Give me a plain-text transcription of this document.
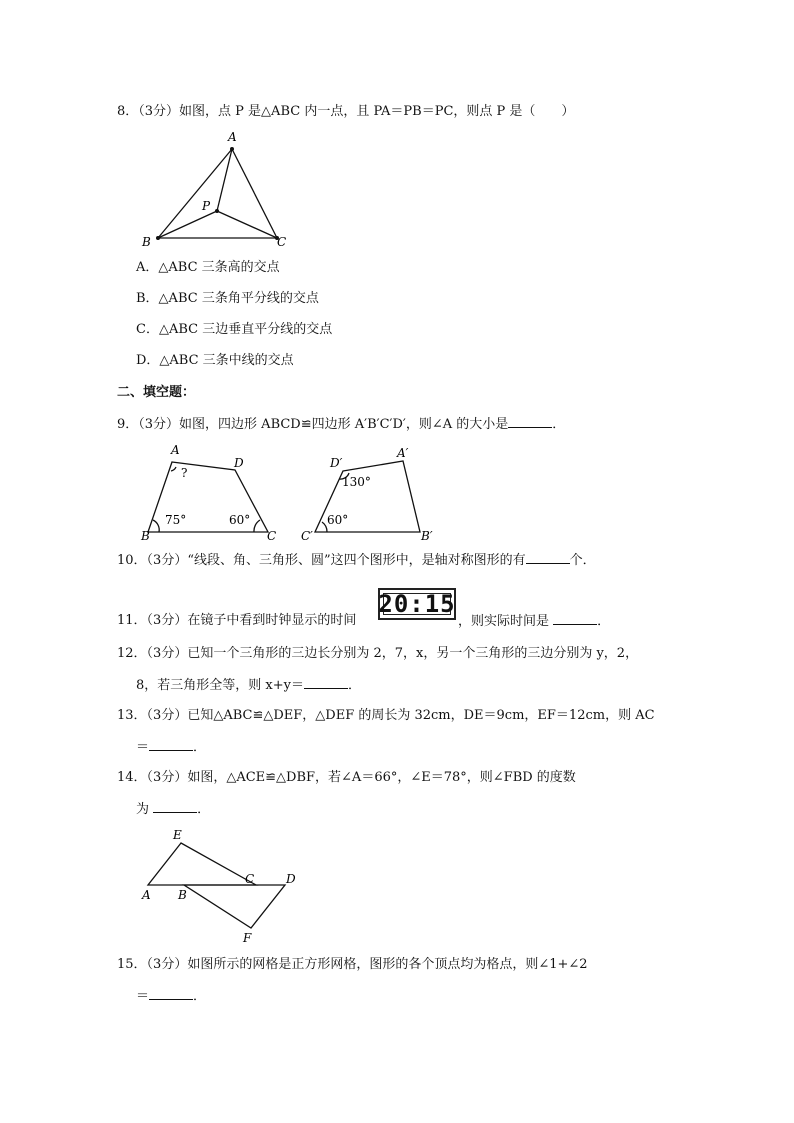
8．（3分）如图，点 P 是△ABC 内一点，且 PA＝PB＝PC，则点 P 是（　　）
A
B	C
P
A．△ABC 三条高的交点
B．△ABC 三条角平分线的交点
C．△ABC 三边垂直平分线的交点
D．△ABC 三条中线的交点
二、填空题：
9．（3分）如图，四边形 ABCD≌四边形 A′B′C′D′，则∠A 的大小是	．
A
D
B	C
?
75°	60°
D′
A′
C′	B′
130°
60°
10．（3分）“线段、角、三角形、圆”这四个图形中，是轴对称图形的有	个．
11．（3分）在镜子中看到时钟显示的时间
20:15
，则实际时间是	．
12．（3分）已知一个三角形的三边长分别为 2，7，x，另一个三角形的三边分别为 y，2，
8，若三角形全等，则 x+y＝	．
13．（3分）已知△ABC≌△DEF，△DEF 的周长为 32cm，DE＝9cm，EF＝12cm，则 AC
＝	．
14．（3分）如图，△ACE≌△DBF，若∠A＝66°，∠E＝78°，则∠FBD 的度数
为	．
E
A B
C	D
F
15．（3分）如图所示的网格是正方形网格，图形的各个顶点均为格点，则∠1+∠2
＝	．
